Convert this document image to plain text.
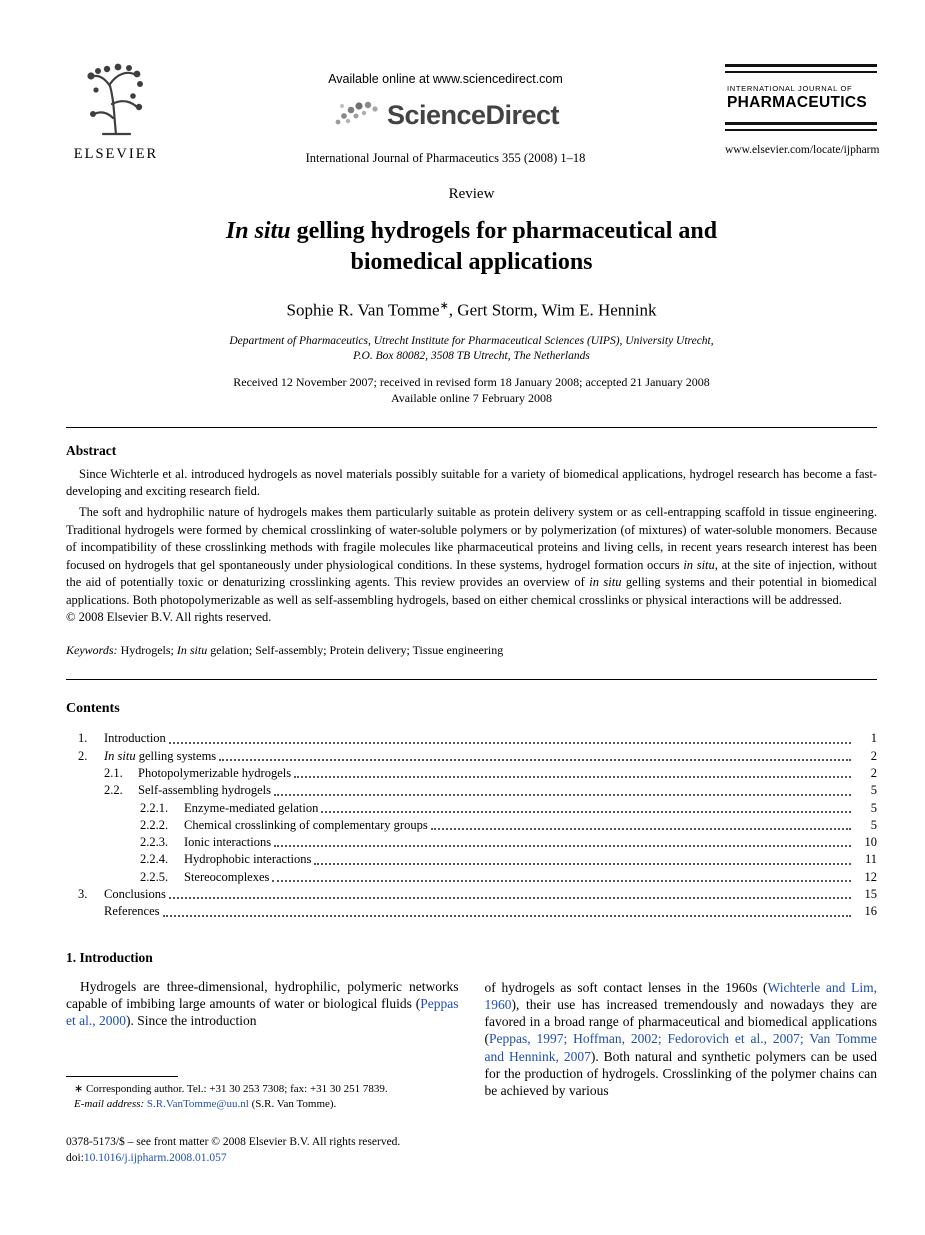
ELSEVIER
Available online at www.sciencedirect.com
ScienceDirect
International Journal of Pharmaceutics 355 (2008) 1–18
INTERNATIONAL JOURNAL OF
PHARMACEUTICS
www.elsevier.com/locate/ijpharm
Review
In situ gelling hydrogels for pharmaceutical and biomedical applications
Sophie R. Van Tomme∗, Gert Storm, Wim E. Hennink
Department of Pharmaceutics, Utrecht Institute for Pharmaceutical Sciences (UIPS), University Utrecht,
P.O. Box 80082, 3508 TB Utrecht, The Netherlands
Received 12 November 2007; received in revised form 18 January 2008; accepted 21 January 2008
Available online 7 February 2008
Abstract

Since Wichterle et al. introduced hydrogels as novel materials possibly suitable for a variety of biomedical applications, hydrogel research has become a fast-developing and exciting research field.

The soft and hydrophilic nature of hydrogels makes them particularly suitable as protein delivery system or as cell-entrapping scaffold in tissue engineering. Traditional hydrogels were formed by chemical crosslinking of water-soluble polymers or by polymerization (of mixtures) of water-soluble monomers. Because of incompatibility of these crosslinking methods with fragile molecules like pharmaceutical proteins and living cells, in recent years research interest has been focused on hydrogels that gel spontaneously under physiological conditions. In these systems, hydrogel formation occurs in situ, at the site of injection, without the aid of potentially toxic or denaturizing crosslinking agents. This review provides an overview of in situ gelling systems and their potential in biomedical applications. Both photopolymerizable as well as self-assembling hydrogels, based on either chemical crosslinks or physical interactions will be addressed.

© 2008 Elsevier B.V. All rights reserved.
Keywords: Hydrogels; In situ gelation; Self-assembly; Protein delivery; Tissue engineering
Contents
1.	Introduction	1
2.	In situ gelling systems	2
2.1.	Photopolymerizable hydrogels	2
2.2.	Self-assembling hydrogels	5
2.2.1.	Enzyme-mediated gelation	5
2.2.2.	Chemical crosslinking of complementary groups	5
2.2.3.	Ionic interactions	10
2.2.4.	Hydrophobic interactions	11
2.2.5.	Stereocomplexes	12
3.	Conclusions	15
References	16
1. Introduction

Hydrogels are three-dimensional, hydrophilic, polymeric networks capable of imbibing large amounts of water or biological fluids (Peppas et al., 2000). Since the introduction

∗ Corresponding author. Tel.: +31 30 253 7308; fax: +31 30 251 7839.
E-mail address: S.R.VanTomme@uu.nl (S.R. Van Tomme).
0378-5173/$ – see front matter © 2008 Elsevier B.V. All rights reserved.
doi:10.1016/j.ijpharm.2008.01.057

of hydrogels as soft contact lenses in the 1960s (Wichterle and Lim, 1960), their use has increased tremendously and nowadays they are favored in a broad range of pharmaceutical and biomedical applications (Peppas, 1997; Hoffman, 2002; Fedorovich et al., 2007; Van Tomme and Hennink, 2007). Both natural and synthetic polymers can be used for the production of hydrogels. Crosslinking of the polymer chains can be achieved by various
